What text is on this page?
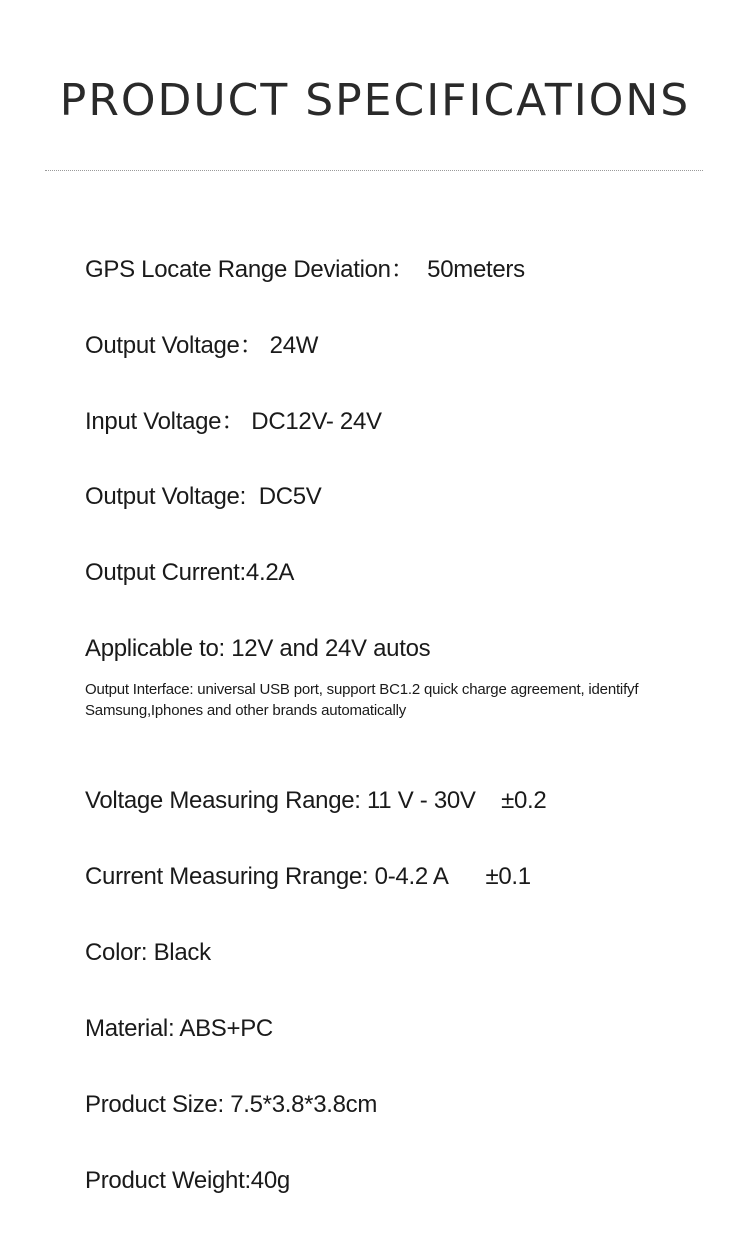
PRODUCT SPECIFICATIONS
GPS Locate Range Deviation：  50meters
Output Voltage： 24W
Input Voltage： DC12V- 24V
Output Voltage:  DC5V
Output Current:4.2A
Applicable to: 12V and 24V autos
Output Interface: universal USB port, support BC1.2 quick charge agreement, identifyf Samsung,Iphones and other brands automatically
Voltage Measuring Range: 11 V - 30V    ±0.2
Current Measuring Rrange: 0-4.2 A      ±0.1
Color: Black
Material: ABS+PC
Product Size: 7.5*3.8*3.8cm
Product Weight:40g
